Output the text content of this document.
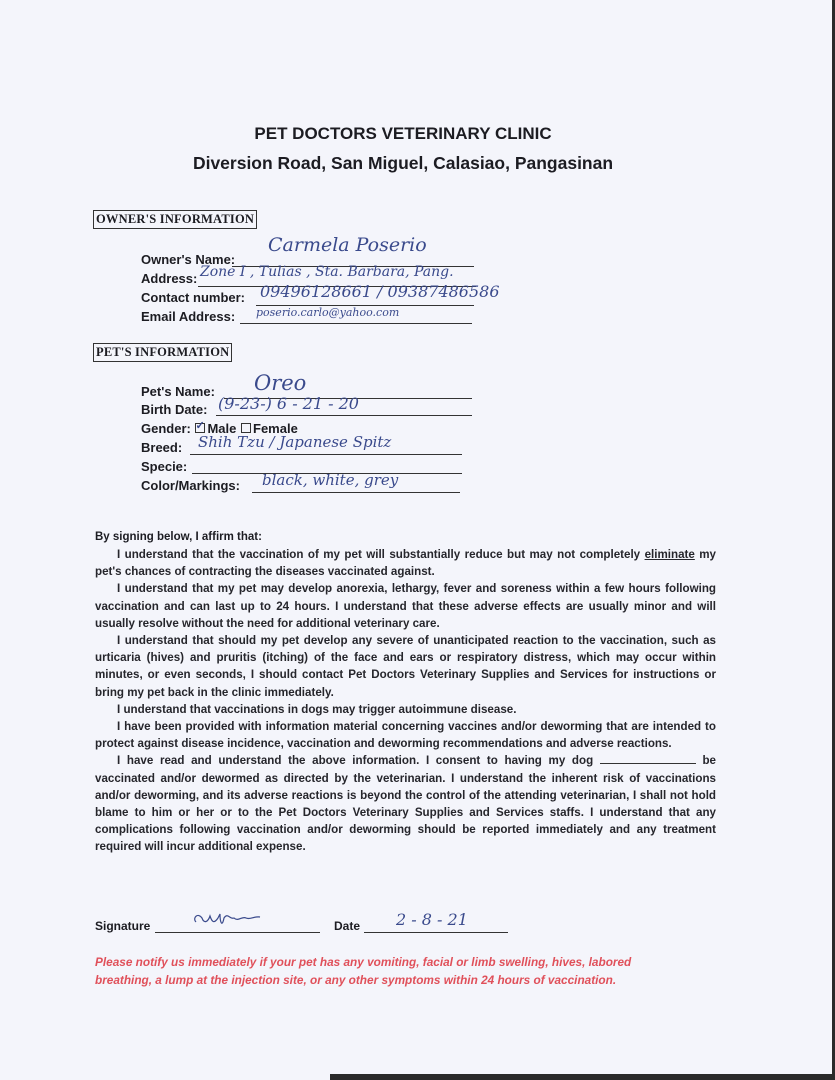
PET DOCTORS VETERINARY CLINIC
Diversion Road, San Miguel, Calasiao, Pangasinan
OWNER'S INFORMATION
Owner's Name:
Carmela Poserio
Address: Zone I , Tulias , Sta. Barbara, Pang.
Contact number: 09496128661 / 09387486586
Email Address: poserio.carlo@yahoo.com
PET'S INFORMATION
Pet's Name: Oreo
Birth Date: (9-23-) 6 - 21 - 20
Gender: ✓ Male Female
Breed: Shih Tzu / Japanese Spitz
Specie:
Color/Markings: black, white, grey
By signing below, I affirm that:

I understand that the vaccination of my pet will substantially reduce but may not completely eliminate my pet's chances of contracting the diseases vaccinated against.

I understand that my pet may develop anorexia, lethargy, fever and soreness within a few hours following vaccination and can last up to 24 hours. I understand that these adverse effects are usually minor and will usually resolve without the need for additional veterinary care.

I understand that should my pet develop any severe of unanticipated reaction to the vaccination, such as urticaria (hives) and pruritis (itching) of the face and ears or respiratory distress, which may occur within minutes, or even seconds, I should contact Pet Doctors Veterinary Supplies and Services for instructions or bring my pet back in the clinic immediately.

I understand that vaccinations in dogs may trigger autoimmune disease.

I have been provided with information material concerning vaccines and/or deworming that are intended to protect against disease incidence, vaccination and deworming recommendations and adverse reactions.

I have read and understand the above information. I consent to having my dog	be vaccinated and/or dewormed as directed by the veterinarian. I understand the inherent risk of vaccinations and/or deworming, and its adverse reactions is beyond the control of the attending veterinarian, I shall not hold blame to him or her or to the Pet Doctors Veterinary Supplies and Services staffs. I understand that any complications following vaccination and/or deworming should be reported immediately and any treatment required will incur additional expense.

Signature	Date 2 - 8 - 21
Please notify us immediately if your pet has any vomiting, facial or limb swelling, hives, labored breathing, a lump at the injection site, or any other symptoms within 24 hours of vaccination.
